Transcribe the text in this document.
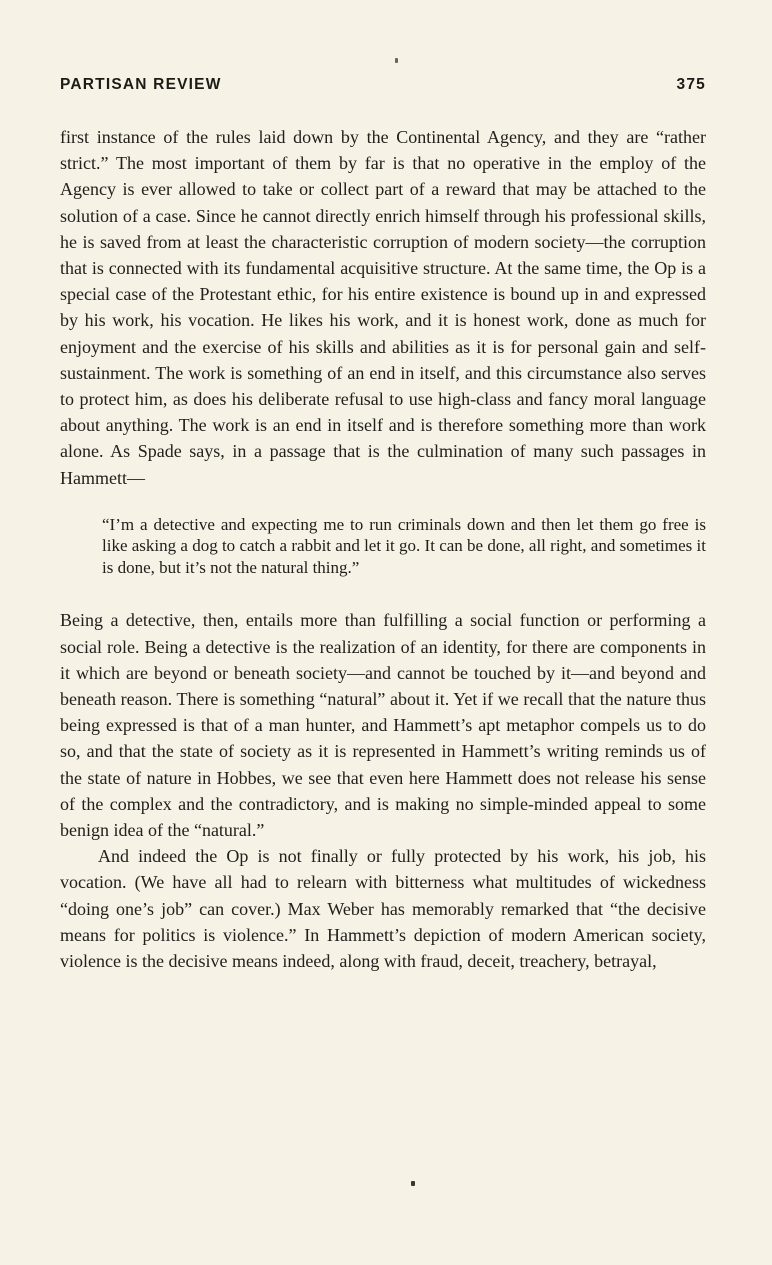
PARTISAN REVIEW	375

first instance of the rules laid down by the Continental Agency, and they are “rather strict.” The most important of them by far is that no operative in the employ of the Agency is ever allowed to take or collect part of a reward that may be attached to the solution of a case. Since he cannot directly enrich himself through his professional skills, he is saved from at least the characteristic corruption of modern society—the corruption that is connected with its fundamental acquisitive structure. At the same time, the Op is a special case of the Protestant ethic, for his entire existence is bound up in and expressed by his work, his vocation. He likes his work, and it is honest work, done as much for enjoyment and the exercise of his skills and abilities as it is for personal gain and self-sustainment. The work is something of an end in itself, and this circumstance also serves to protect him, as does his deliberate refusal to use high-class and fancy moral language about anything. The work is an end in itself and is therefore something more than work alone. As Spade says, in a passage that is the culmination of many such passages in Hammett—

“I’m a detective and expecting me to run criminals down and then let them go free is like asking a dog to catch a rabbit and let it go. It can be done, all right, and sometimes it is done, but it’s not the natural thing.”

Being a detective, then, entails more than fulfilling a social function or performing a social role. Being a detective is the realization of an identity, for there are components in it which are beyond or beneath society—and cannot be touched by it—and beyond and beneath reason. There is something “natural” about it. Yet if we recall that the nature thus being expressed is that of a man hunter, and Hammett’s apt metaphor compels us to do so, and that the state of society as it is represented in Hammett’s writing reminds us of the state of nature in Hobbes, we see that even here Hammett does not release his sense of the complex and the contradictory, and is making no simple-minded appeal to some benign idea of the “natural.”

And indeed the Op is not finally or fully protected by his work, his job, his vocation. (We have all had to relearn with bitterness what multitudes of wickedness “doing one’s job” can cover.) Max Weber has memorably remarked that “the decisive means for politics is violence.” In Hammett’s depiction of modern American society, violence is the decisive means indeed, along with fraud, deceit, treachery, betrayal,
